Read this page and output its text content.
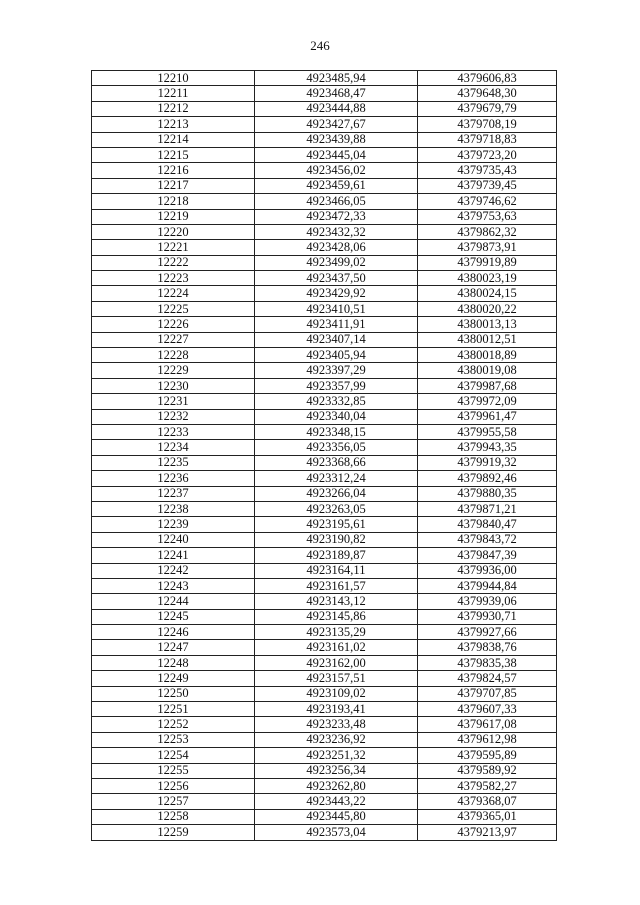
246
12210	4923485,94	4379606,83
12211	4923468,47	4379648,30
12212	4923444,88	4379679,79
12213	4923427,67	4379708,19
12214	4923439,88	4379718,83
12215	4923445,04	4379723,20
12216	4923456,02	4379735,43
12217	4923459,61	4379739,45
12218	4923466,05	4379746,62
12219	4923472,33	4379753,63
12220	4923432,32	4379862,32
12221	4923428,06	4379873,91
12222	4923499,02	4379919,89
12223	4923437,50	4380023,19
12224	4923429,92	4380024,15
12225	4923410,51	4380020,22
12226	4923411,91	4380013,13
12227	4923407,14	4380012,51
12228	4923405,94	4380018,89
12229	4923397,29	4380019,08
12230	4923357,99	4379987,68
12231	4923332,85	4379972,09
12232	4923340,04	4379961,47
12233	4923348,15	4379955,58
12234	4923356,05	4379943,35
12235	4923368,66	4379919,32
12236	4923312,24	4379892,46
12237	4923266,04	4379880,35
12238	4923263,05	4379871,21
12239	4923195,61	4379840,47
12240	4923190,82	4379843,72
12241	4923189,87	4379847,39
12242	4923164,11	4379936,00
12243	4923161,57	4379944,84
12244	4923143,12	4379939,06
12245	4923145,86	4379930,71
12246	4923135,29	4379927,66
12247	4923161,02	4379838,76
12248	4923162,00	4379835,38
12249	4923157,51	4379824,57
12250	4923109,02	4379707,85
12251	4923193,41	4379607,33
12252	4923233,48	4379617,08
12253	4923236,92	4379612,98
12254	4923251,32	4379595,89
12255	4923256,34	4379589,92
12256	4923262,80	4379582,27
12257	4923443,22	4379368,07
12258	4923445,80	4379365,01
12259	4923573,04	4379213,97
